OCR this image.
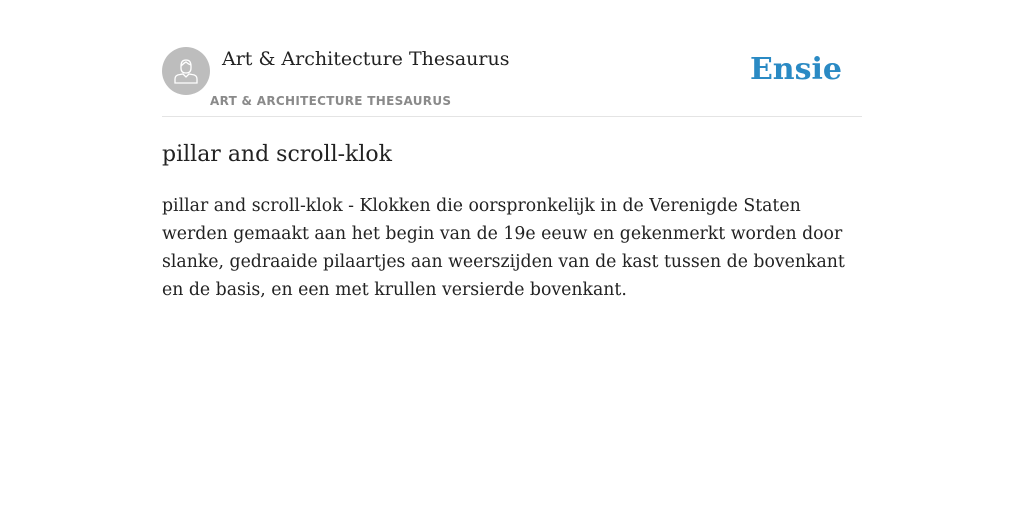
Art & Architecture Thesaurus
ART & ARCHITECTURE THESAURUS
Ensie
pillar and scroll-klok

pillar and scroll-klok - Klokken die oorspronkelijk in de Verenigde Staten werden gemaakt aan het begin van de 19e eeuw en gekenmerkt worden door slanke, gedraaide pilaartjes aan weerszijden van de kast tussen de bovenkant en de basis, en een met krullen versierde bovenkant.
